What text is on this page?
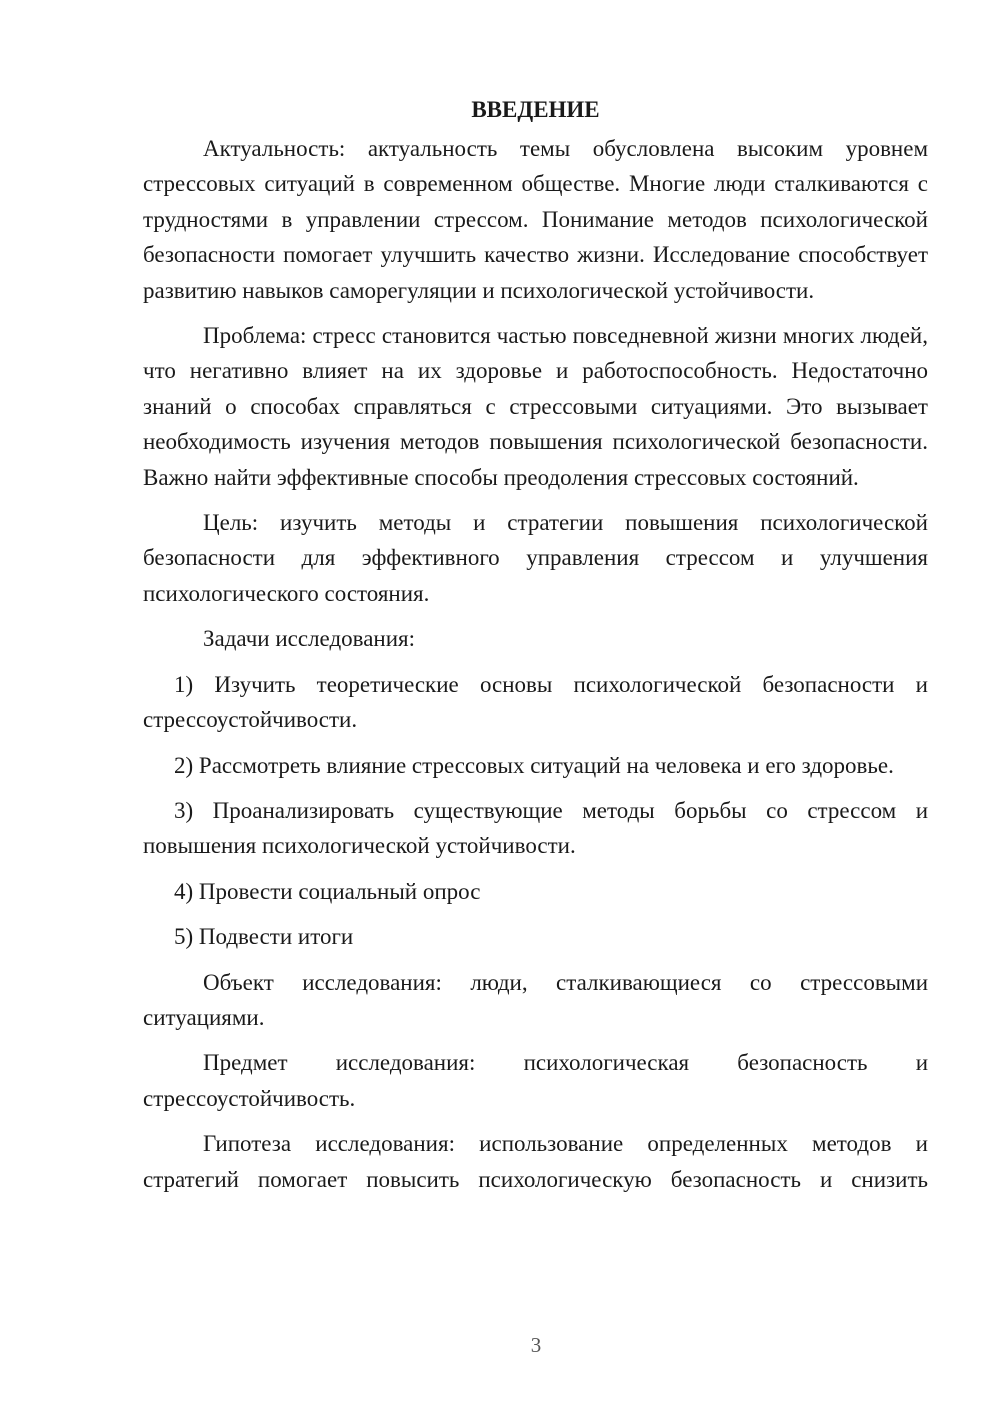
ВВЕДЕНИЕ

Актуальность: актуальность темы обусловлена высоким уровнем стрессовых ситуаций в современном обществе. Многие люди сталкиваются с трудностями в управлении стрессом. Понимание методов психологической безопасности помогает улучшить качество жизни. Исследование способствует развитию навыков саморегуляции и психологической устойчивости.

Проблема: стресс становится частью повседневной жизни многих людей, что негативно влияет на их здоровье и работоспособность. Недостаточно знаний о способах справляться с стрессовыми ситуациями. Это вызывает необходимость изучения методов повышения психологической безопасности. Важно найти эффективные способы преодоления стрессовых состояний.

Цель: изучить методы и стратегии повышения психологической безопасности для эффективного управления стрессом и улучшения психологического состояния.

Задачи исследования:

1) Изучить теоретические основы психологической безопасности и стрессоустойчивости.

2) Рассмотреть влияние стрессовых ситуаций на человека и его здоровье.

3) Проанализировать существующие методы борьбы со стрессом и повышения психологической устойчивости.

4) Провести социальный опрос

5) Подвести итоги

Объект исследования: люди, сталкивающиеся со стрессовыми ситуациями.

Предмет исследования: психологическая безопасность и стрессоустойчивость.

Гипотеза исследования: использование определенных методов и стратегий помогает повысить психологическую безопасность и снизить

3
